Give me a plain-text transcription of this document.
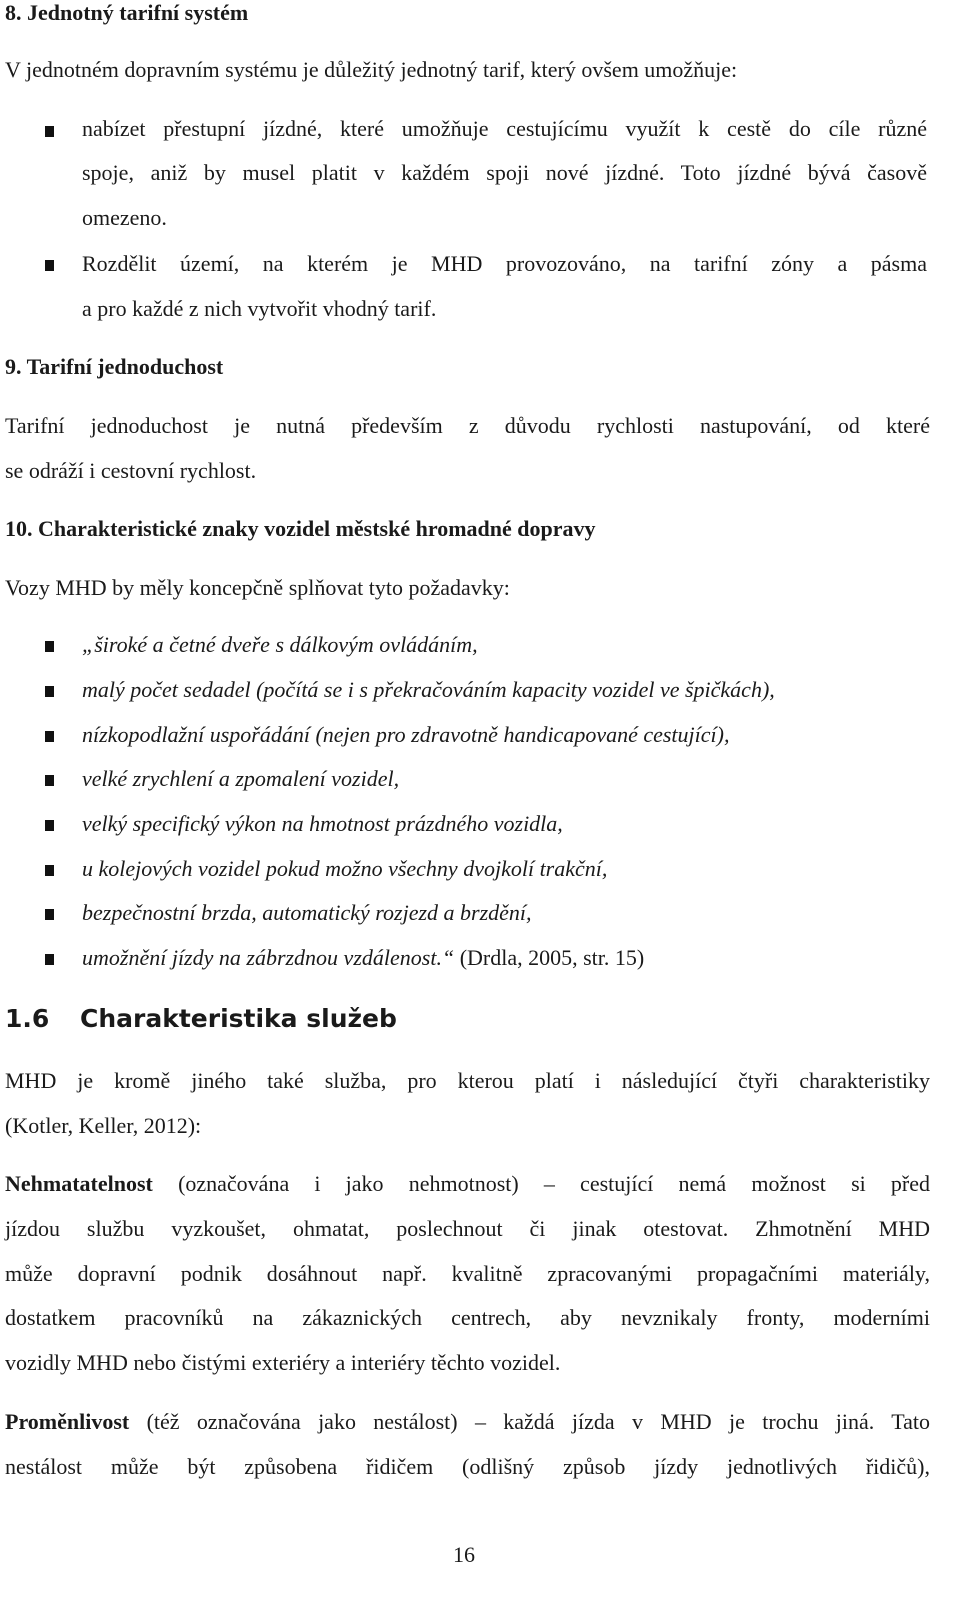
8. Jednotný tarifní systém
V jednotném dopravním systému je důležitý jednotný tarif, který ovšem umožňuje:
nabízet přestupní jízdné, které umožňuje cestujícímu využít k cestě do cíle různé
spoje, aniž by musel platit v každém spoji nové jízdné. Toto jízdné bývá časově
omezeno.
Rozdělit území, na kterém je MHD provozováno, na tarifní zóny a pásma
a pro každé z nich vytvořit vhodný tarif.
9. Tarifní jednoduchost
Tarifní jednoduchost je nutná především z důvodu rychlosti nastupování, od které
se odráží i cestovní rychlost.
10. Charakteristické znaky vozidel městské hromadné dopravy
Vozy MHD by měly koncepčně splňovat tyto požadavky:
„široké a četné dveře s dálkovým ovládáním,
malý počet sedadel (počítá se i s překračováním kapacity vozidel ve špičkách),
nízkopodlažní uspořádání (nejen pro zdravotně handicapované cestující),
velké zrychlení a zpomalení vozidel,
velký specifický výkon na hmotnost prázdného vozidla,
u kolejových vozidel pokud možno všechny dvojkolí trakční,
bezpečnostní brzda, automatický rozjezd a brzdění,
umožnění jízdy na zábrzdnou vzdálenost.“ (Drdla, 2005, str. 15)
1.6 Charakteristika služeb
MHD je kromě jiného také služba, pro kterou platí i následující čtyři charakteristiky
(Kotler, Keller, 2012):
Nehmatatelnost (označována i jako nehmotnost) – cestující nemá možnost si před
jízdou službu vyzkoušet, ohmatat, poslechnout či jinak otestovat. Zhmotnění MHD
může dopravní podnik dosáhnout např. kvalitně zpracovanými propagačními materiály,
dostatkem pracovníků na zákaznických centrech, aby nevznikaly fronty, moderními
vozidly MHD nebo čistými exteriéry a interiéry těchto vozidel.
Proměnlivost (též označována jako nestálost) – každá jízda v MHD je trochu jiná. Tato
nestálost může být způsobena řidičem (odlišný způsob jízdy jednotlivých řidičů),
16
